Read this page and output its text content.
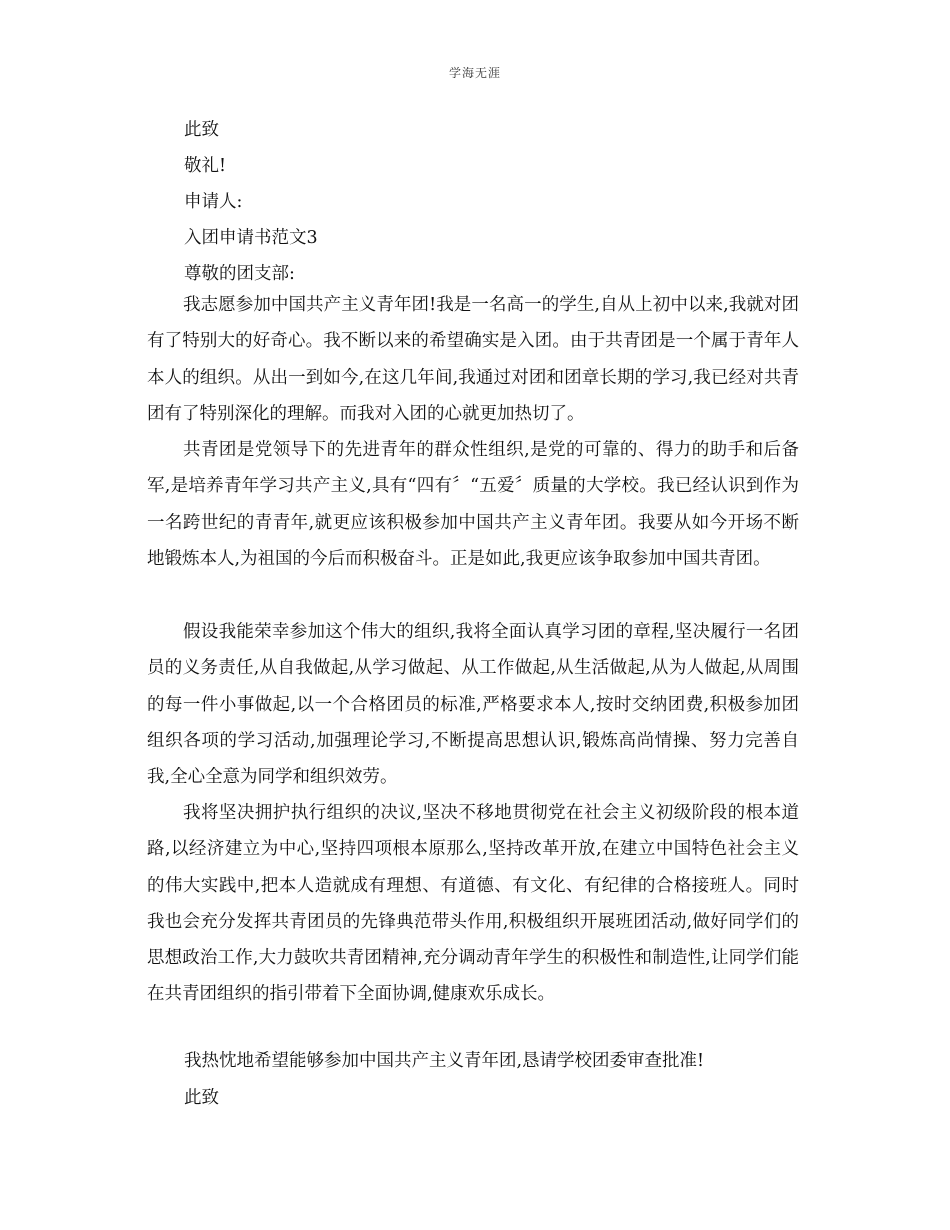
学海无涯
此致
敬礼!
申请人:
入团申请书范文3
尊敬的团支部:

我志愿参加中国共产主义青年团!我是一名高一的学生,自从上初中以来,我就对团有了特别大的好奇心。我不断以来的希望确实是入团。由于共青团是一个属于青年人本人的组织。从出一到如今,在这几年间,我通过对团和团章长期的学习,我已经对共青团有了特别深化的理解。而我对入团的心就更加热切了。

共青团是党领导下的先进青年的群众性组织,是党的可靠的、得力的助手和后备军,是培养青年学习共产主义,具有“四有〞“五爱〞质量的大学校。我已经认识到作为一名跨世纪的青青年,就更应该积极参加中国共产主义青年团。我要从如今开场不断地锻炼本人,为祖国的今后而积极奋斗。正是如此,我更应该争取参加中国共青团。

假设我能荣幸参加这个伟大的组织,我将全面认真学习团的章程,坚决履行一名团员的义务责任,从自我做起,从学习做起、从工作做起,从生活做起,从为人做起,从周围的每一件小事做起,以一个合格团员的标准,严格要求本人,按时交纳团费,积极参加团组织各项的学习活动,加强理论学习,不断提高思想认识,锻炼高尚情操、努力完善自我,全心全意为同学和组织效劳。

我将坚决拥护执行组织的决议,坚决不移地贯彻党在社会主义初级阶段的根本道路,以经济建立为中心,坚持四项根本原那么,坚持改革开放,在建立中国特色社会主义的伟大实践中,把本人造就成有理想、有道德、有文化、有纪律的合格接班人。同时我也会充分发挥共青团员的先锋典范带头作用,积极组织开展班团活动,做好同学们的思想政治工作,大力鼓吹共青团精神,充分调动青年学生的积极性和制造性,让同学们能在共青团组织的指引带着下全面协调,健康欢乐成长。

我热忱地希望能够参加中国共产主义青年团,恳请学校团委审查批准!
此致
